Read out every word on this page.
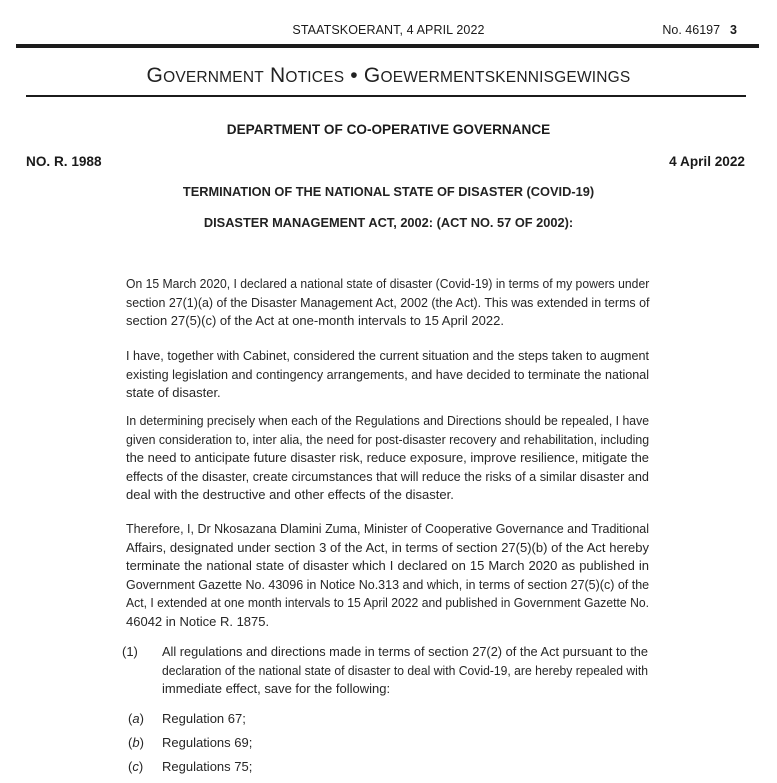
STAATSKOERANT, 4 APRIL 2022	No. 46197 3
GOVERNMENT NOTICES • GOEWERMENTSKENNISGEWINGS
DEPARTMENT OF CO-OPERATIVE GOVERNANCE
NO. R. 1988	4 April 2022
TERMINATION OF THE NATIONAL STATE OF DISASTER (COVID-19)
DISASTER MANAGEMENT ACT, 2002: (ACT NO. 57 OF 2002):
On 15 March 2020, I declared a national state of disaster (Covid-19) in terms of my powers under
section 27(1)(a) of the Disaster Management Act, 2002 (the Act). This was extended in terms of
section 27(5)(c) of the Act at one-month intervals to 15 April 2022.
I have, together with Cabinet, considered the current situation and the steps taken to augment
existing legislation and contingency arrangements, and have decided to terminate the national
state of disaster.
In determining precisely when each of the Regulations and Directions should be repealed, I have
given consideration to, inter alia, the need for post-disaster recovery and rehabilitation, including
the need to anticipate future disaster risk, reduce exposure, improve resilience, mitigate the
effects of the disaster, create circumstances that will reduce the risks of a similar disaster and
deal with the destructive and other effects of the disaster.
Therefore, I, Dr Nkosazana Dlamini Zuma, Minister of Cooperative Governance and Traditional
Affairs, designated under section 3 of the Act, in terms of section 27(5)(b) of the Act hereby
terminate the national state of disaster which I declared on 15 March 2020 as published in
Government Gazette No. 43096 in Notice No.313 and which, in terms of section 27(5)(c) of the
Act, I extended at one month intervals to 15 April 2022 and published in Government Gazette No.
46042 in Notice R. 1875.
(1) All regulations and directions made in terms of section 27(2) of the Act pursuant to the
declaration of the national state of disaster to deal with Covid-19, are hereby repealed with
immediate effect, save for the following:
(a) Regulation 67;
(b) Regulations 69;
(c) Regulations 75;
